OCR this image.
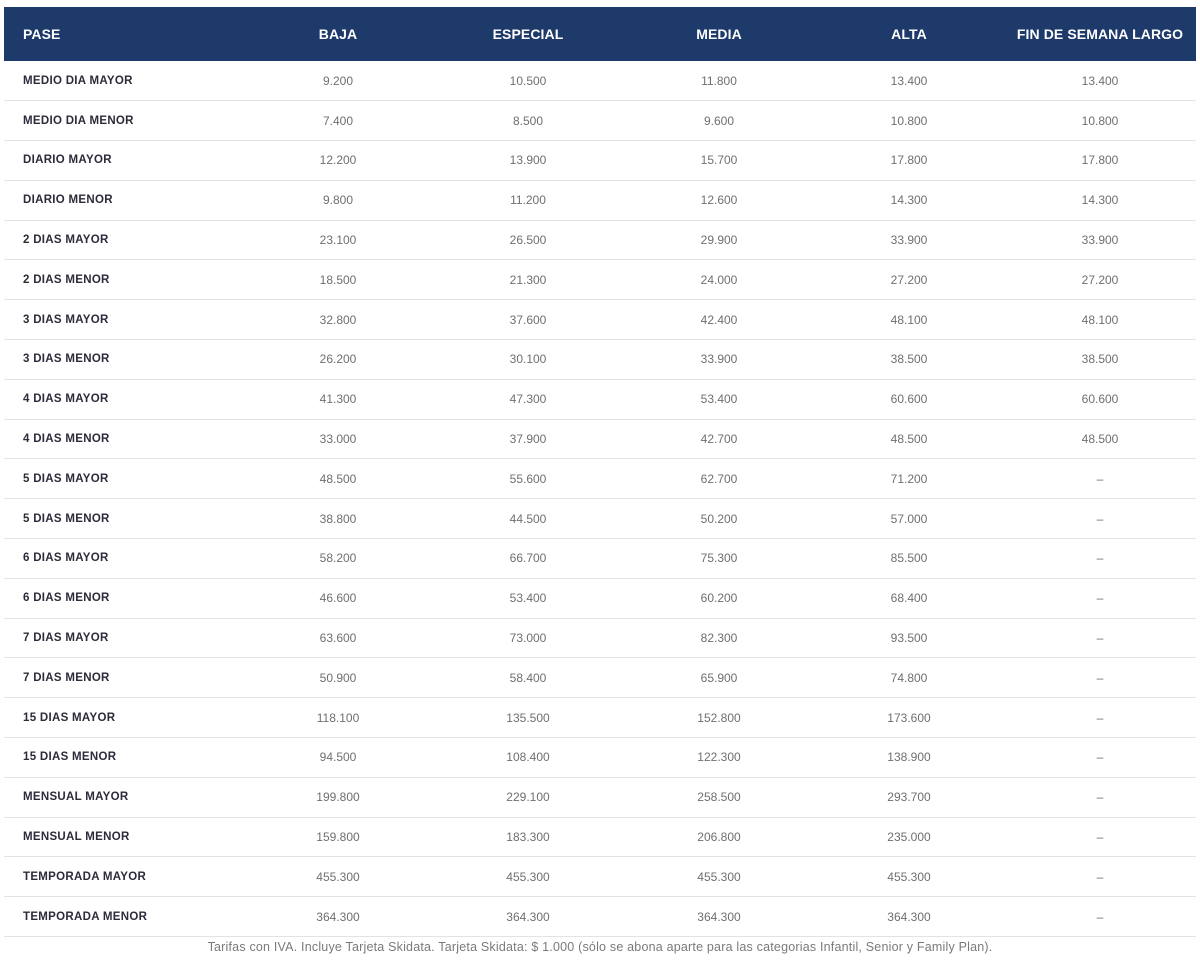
PASE	BAJA	ESPECIAL	MEDIA	ALTA	FIN DE SEMANA LARGO
MEDIO DIA MAYOR	9.200	10.500	11.800	13.400	13.400
MEDIO DIA MENOR	7.400	8.500	9.600	10.800	10.800
DIARIO MAYOR	12.200	13.900	15.700	17.800	17.800
DIARIO MENOR	9.800	11.200	12.600	14.300	14.300
2 DIAS MAYOR	23.100	26.500	29.900	33.900	33.900
2 DIAS MENOR	18.500	21.300	24.000	27.200	27.200
3 DIAS MAYOR	32.800	37.600	42.400	48.100	48.100
3 DIAS MENOR	26.200	30.100	33.900	38.500	38.500
4 DIAS MAYOR	41.300	47.300	53.400	60.600	60.600
4 DIAS MENOR	33.000	37.900	42.700	48.500	48.500
5 DIAS MAYOR	48.500	55.600	62.700	71.200	–
5 DIAS MENOR	38.800	44.500	50.200	57.000	–
6 DIAS MAYOR	58.200	66.700	75.300	85.500	–
6 DIAS MENOR	46.600	53.400	60.200	68.400	–
7 DIAS MAYOR	63.600	73.000	82.300	93.500	–
7 DIAS MENOR	50.900	58.400	65.900	74.800	–
15 DIAS MAYOR	118.100	135.500	152.800	173.600	–
15 DIAS MENOR	94.500	108.400	122.300	138.900	–
MENSUAL MAYOR	199.800	229.100	258.500	293.700	–
MENSUAL MENOR	159.800	183.300	206.800	235.000	–
TEMPORADA MAYOR	455.300	455.300	455.300	455.300	–
TEMPORADA MENOR	364.300	364.300	364.300	364.300	–
Tarifas con IVA. Incluye Tarjeta Skidata. Tarjeta Skidata: $ 1.000 (sólo se abona aparte para las categorias Infantil, Senior y Family Plan).
